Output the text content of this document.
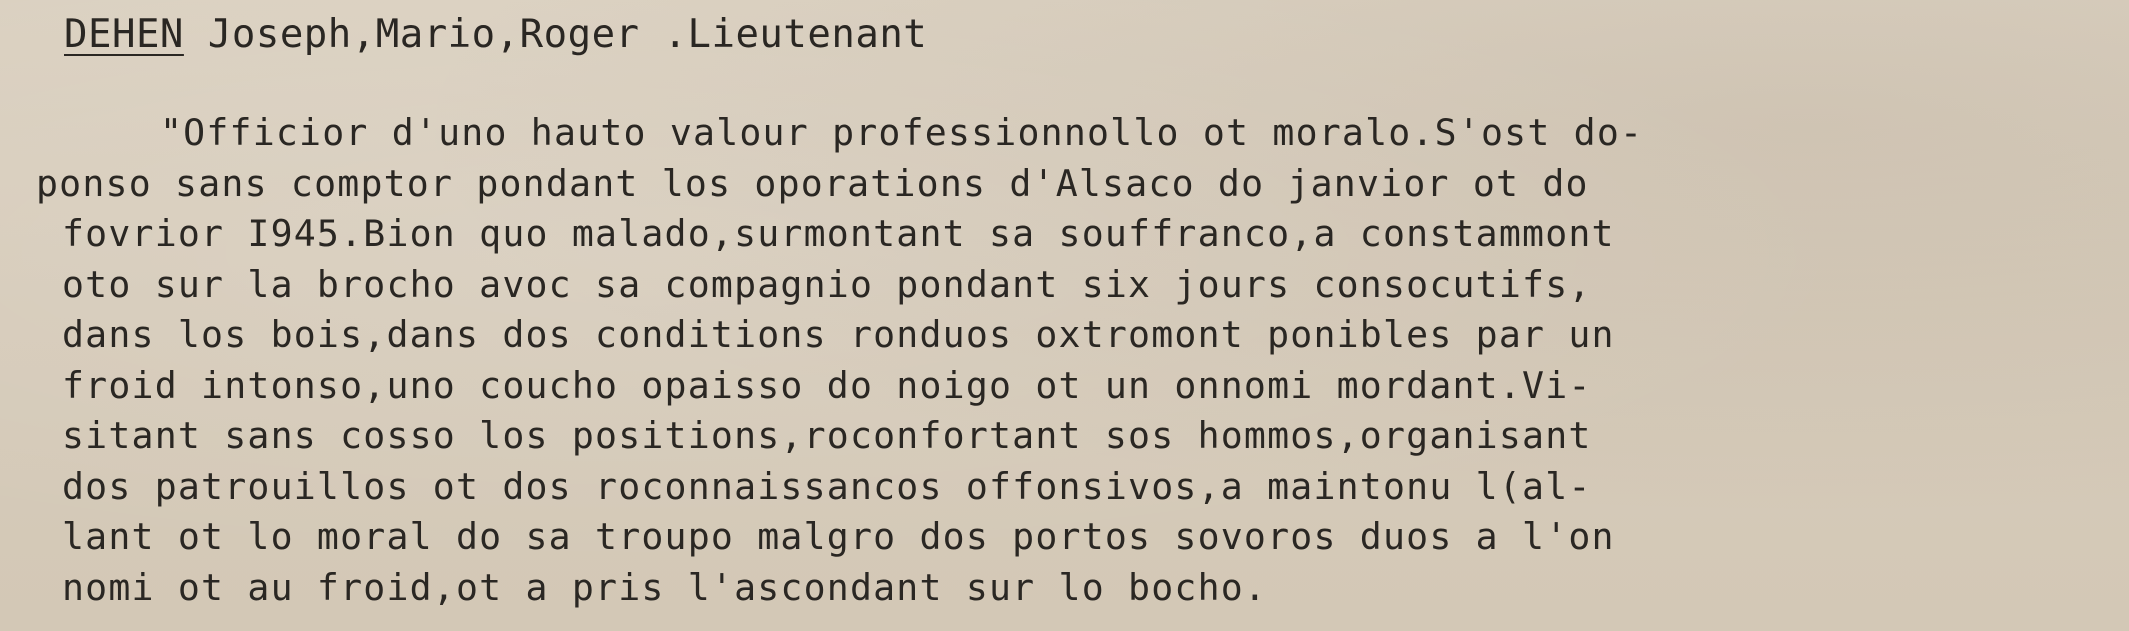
DEHEN Joseph,Mario,Roger .Lieutenant
"Officior d'uno hauto valour professionnollo ot moralo.S'ost do-
ponso sans comptor pondant los oporations d'Alsaco do janvior ot do
fovrior I945.Bion quo malado,surmontant sa souffranco,a constammont
oto sur la brocho avoc sa compagnio pondant six jours consocutifs,
dans los bois,dans dos conditions ronduos oxtromont ponibles par un
froid intonso,uno coucho opaisso do noigo ot un onnomi mordant.Vi-
sitant sans cosso los positions,roconfortant sos hommos,organisant
dos patrouillos ot dos roconnaissancos offonsivos,a maintonu l(al-
lant ot lo moral do sa troupo malgro dos portos sovoros duos a l'on
nomi ot au froid,ot a pris l'ascondant sur lo bocho.
